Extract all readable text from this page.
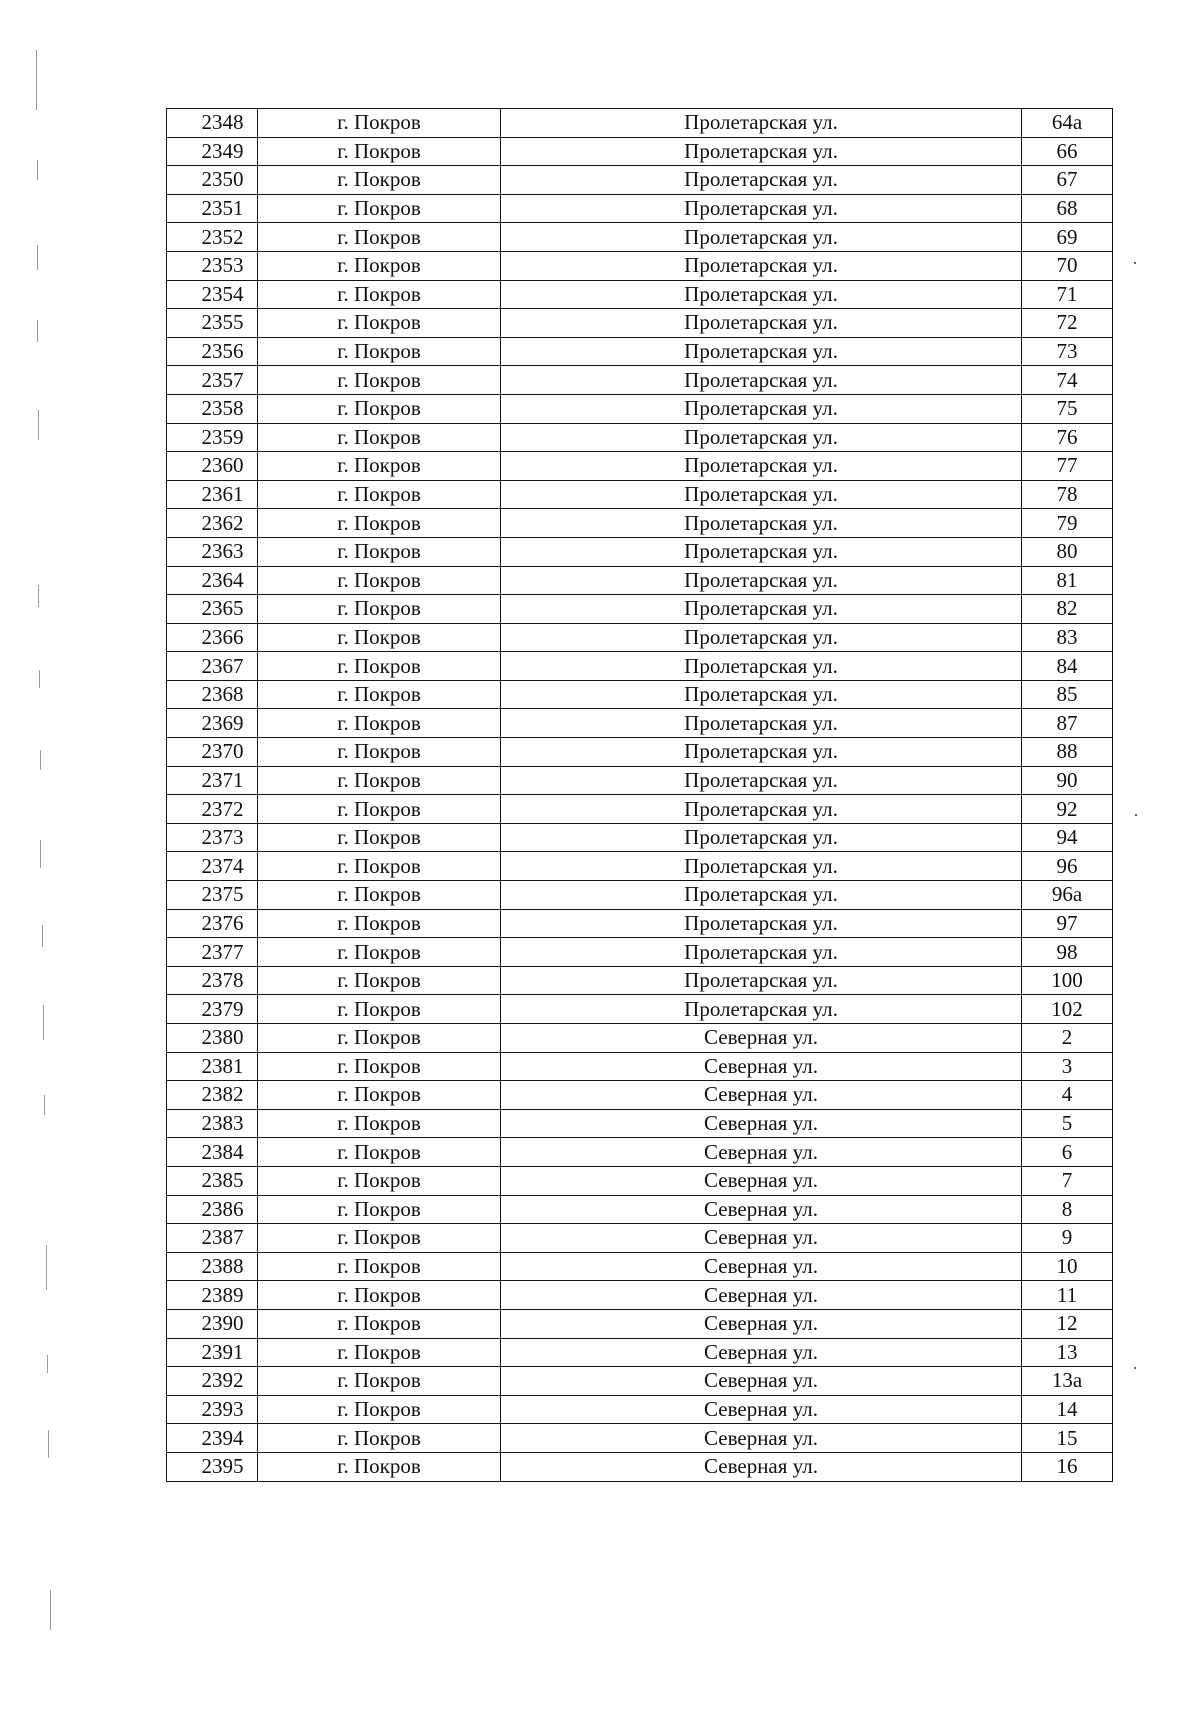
2348	г. Покров	Пролетарская ул.	64а
2349	г. Покров	Пролетарская ул.	66
2350	г. Покров	Пролетарская ул.	67
2351	г. Покров	Пролетарская ул.	68
2352	г. Покров	Пролетарская ул.	69
2353	г. Покров	Пролетарская ул.	70
2354	г. Покров	Пролетарская ул.	71
2355	г. Покров	Пролетарская ул.	72
2356	г. Покров	Пролетарская ул.	73
2357	г. Покров	Пролетарская ул.	74
2358	г. Покров	Пролетарская ул.	75
2359	г. Покров	Пролетарская ул.	76
2360	г. Покров	Пролетарская ул.	77
2361	г. Покров	Пролетарская ул.	78
2362	г. Покров	Пролетарская ул.	79
2363	г. Покров	Пролетарская ул.	80
2364	г. Покров	Пролетарская ул.	81
2365	г. Покров	Пролетарская ул.	82
2366	г. Покров	Пролетарская ул.	83
2367	г. Покров	Пролетарская ул.	84
2368	г. Покров	Пролетарская ул.	85
2369	г. Покров	Пролетарская ул.	87
2370	г. Покров	Пролетарская ул.	88
2371	г. Покров	Пролетарская ул.	90
2372	г. Покров	Пролетарская ул.	92
2373	г. Покров	Пролетарская ул.	94
2374	г. Покров	Пролетарская ул.	96
2375	г. Покров	Пролетарская ул.	96а
2376	г. Покров	Пролетарская ул.	97
2377	г. Покров	Пролетарская ул.	98
2378	г. Покров	Пролетарская ул.	100
2379	г. Покров	Пролетарская ул.	102
2380	г. Покров	Северная ул.	2
2381	г. Покров	Северная ул.	3
2382	г. Покров	Северная ул.	4
2383	г. Покров	Северная ул.	5
2384	г. Покров	Северная ул.	6
2385	г. Покров	Северная ул.	7
2386	г. Покров	Северная ул.	8
2387	г. Покров	Северная ул.	9
2388	г. Покров	Северная ул.	10
2389	г. Покров	Северная ул.	11
2390	г. Покров	Северная ул.	12
2391	г. Покров	Северная ул.	13
2392	г. Покров	Северная ул.	13а
2393	г. Покров	Северная ул.	14
2394	г. Покров	Северная ул.	15
2395	г. Покров	Северная ул.	16
